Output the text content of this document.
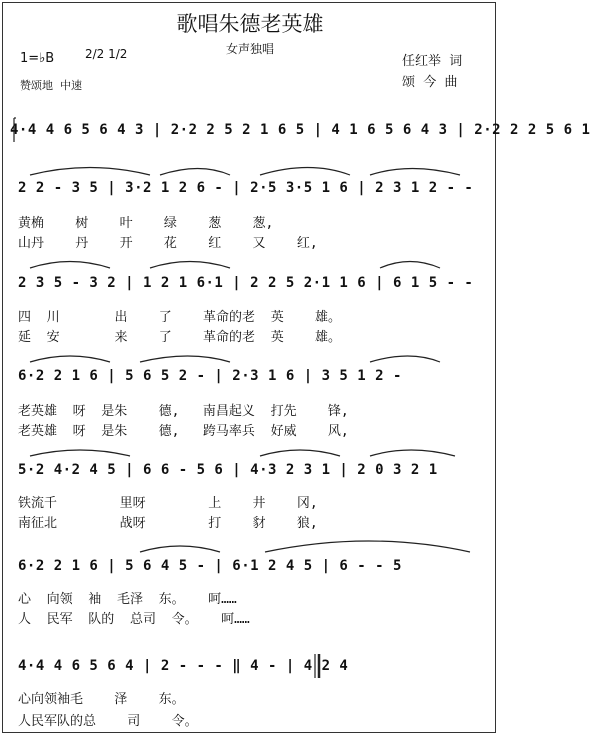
歌唱朱德老英雄
女声独唱
1=♭B	2/2 1/2
赞颂地  中速
任红举  词
颂  今  曲
4·4 4 6 5 6 4 3 | 2·2 2 5 2 1 6 5 | 4 1 6 5 6 4 3 | 2·2 2 2 5 6 1
2 2 - 3 5 | 3·2 1 2 6 - | 2·5 3·5 1 6 | 2 3 1 2 - -
黄桷    树    叶    绿    葱    葱,
山丹    丹    开    花    红    又    红,
2 3 5 - 3 2 | 1 2 1 6·1 | 2 2 5 2·1 1 6 | 6 1 5 - -
四  川       出    了    革命的老  英    雄。
延  安       来    了    革命的老  英    雄。
6·2 2 1 6 | 5 6 5 2 - | 2·3 1 6 | 3 5 1 2 -
老英雄  呀  是朱    德,   南昌起义  打先    锋,
老英雄  呀  是朱    德,   跨马率兵  好威    风,
5·2 4·2 4 5 | 6 6 - 5 6 | 4·3 2 3 1 | 2 0 3 2 1
铁流千        里呀        上    井    冈,
南征北        战呀        打    豺    狼,
6·2 2 1 6 | 5 6 4 5 - | 6·1 2 4 5 | 6 - - 5
心  向领  袖  毛泽  东。   呵……
人  民军  队的  总司  令。   呵……
4·4 4 6 5 6 4 | 2 - - - ‖ 4 - | 4 2 4
心向领袖毛    泽    东。
人民军队的总    司    令。
